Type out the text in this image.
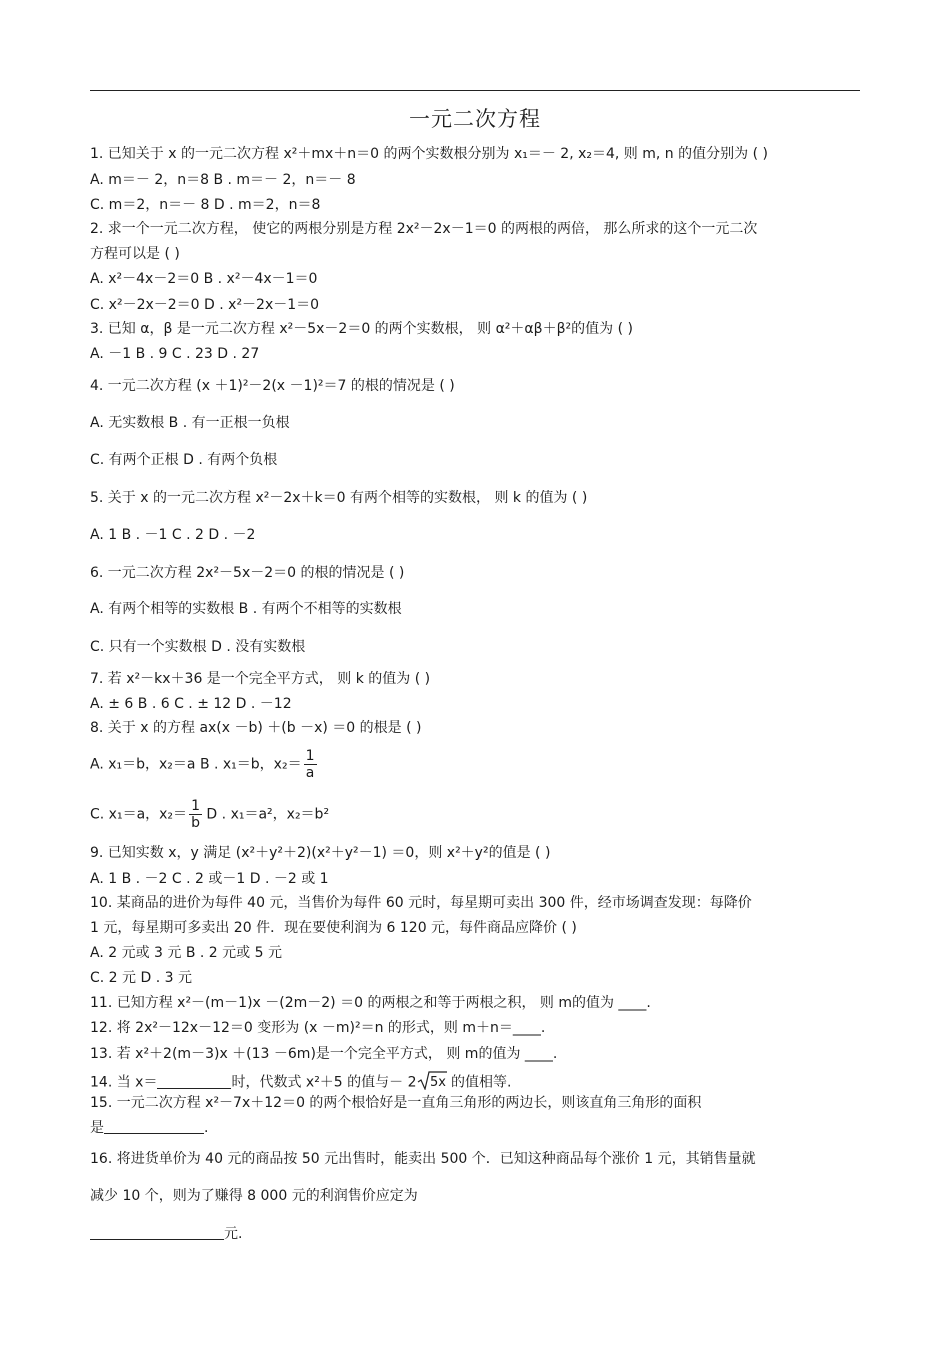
一元二次方程
1. 已知关于 x 的一元二次方程 x²＋mx＋n＝0 的两个实数根分别为 x₁＝－ 2, x₂＝4, 则 m, n 的值分别为 ( )
A. m＝－ 2，n＝8 B . m＝－ 2，n＝－ 8
C. m＝2，n＝－ 8 D . m＝2，n＝8
2. 求一个一元二次方程， 使它的两根分别是方程 2x²－2x－1＝0 的两根的两倍， 那么所求的这个一元二次
方程可以是 ( )
A. x²－4x－2＝0 B . x²－4x－1＝0
C. x²－2x－2＝0 D . x²－2x－1＝0
3. 已知 α，β 是一元二次方程 x²－5x－2＝0 的两个实数根， 则 α²＋αβ＋β²的值为 ( )
A. －1 B . 9 C . 23 D . 27
4. 一元二次方程 (x ＋1)²－2(x －1)²＝7 的根的情况是 ( )
A. 无实数根 B . 有一正根一负根
C. 有两个正根 D . 有两个负根
5. 关于 x 的一元二次方程 x²－2x＋k＝0 有两个相等的实数根， 则 k 的值为 ( )
A. 1 B . －1 C . 2 D . －2
6. 一元二次方程 2x²－5x－2＝0 的根的情况是 ( )
A. 有两个相等的实数根 B . 有两个不相等的实数根
C. 只有一个实数根 D . 没有实数根
7. 若 x²－kx＋36 是一个完全平方式， 则 k 的值为 ( )
A. ± 6 B . 6 C . ± 12 D . －12
8. 关于 x 的方程 ax(x －b) ＋(b －x) ＝0 的根是 ( )
A. x₁＝b，x₂＝a B . x₁＝b，$x_2= \frac{1}{a}$
C. x₁＝a，$x_2= \frac{1}{b}$ D . x₁＝a²，x₂＝b²
9. 已知实数 x，y 满足 (x²＋y²＋2)(x²＋y²－1) ＝0，则 x²＋y²的值是 ( )
A. 1 B . －2 C . 2 或－1 D . －2 或 1
10. 某商品的进价为每件 40 元，当售价为每件 60 元时，每星期可卖出 300 件，经市场调查发现：每降价
1 元，每星期可多卖出 20 件．现在要使利润为 6 120 元，每件商品应降价 ( )
A. 2 元或 3 元 B . 2 元或 5 元
C. 2 元 D . 3 元
11. 已知方程 x²－(m－1)x －(2m－2) ＝0 的两根之和等于两根之积， 则 m的值为 ____.
12. 将 2x²－12x－12＝0 变形为 (x －m)²＝n 的形式，则 m＋n＝____.
13. 若 x²＋2(m－3)x ＋(13 －6m)是一个完全平方式， 则 m的值为 ____.
14. 当 x＝	时，代数式 x²＋5 的值与－ 2 5x 的值相等.
15. 一元二次方程 x²－7x＋12＝0 的两个根恰好是一直角三角形的两边长，则该直角三角形的面积
是	.
16. 将进货单价为 40 元的商品按 50 元出售时，能卖出 500 个．已知这种商品每个涨价 1 元，其销售量就
减少 10 个，则为了赚得 8 000 元的利润售价应定为
元.
